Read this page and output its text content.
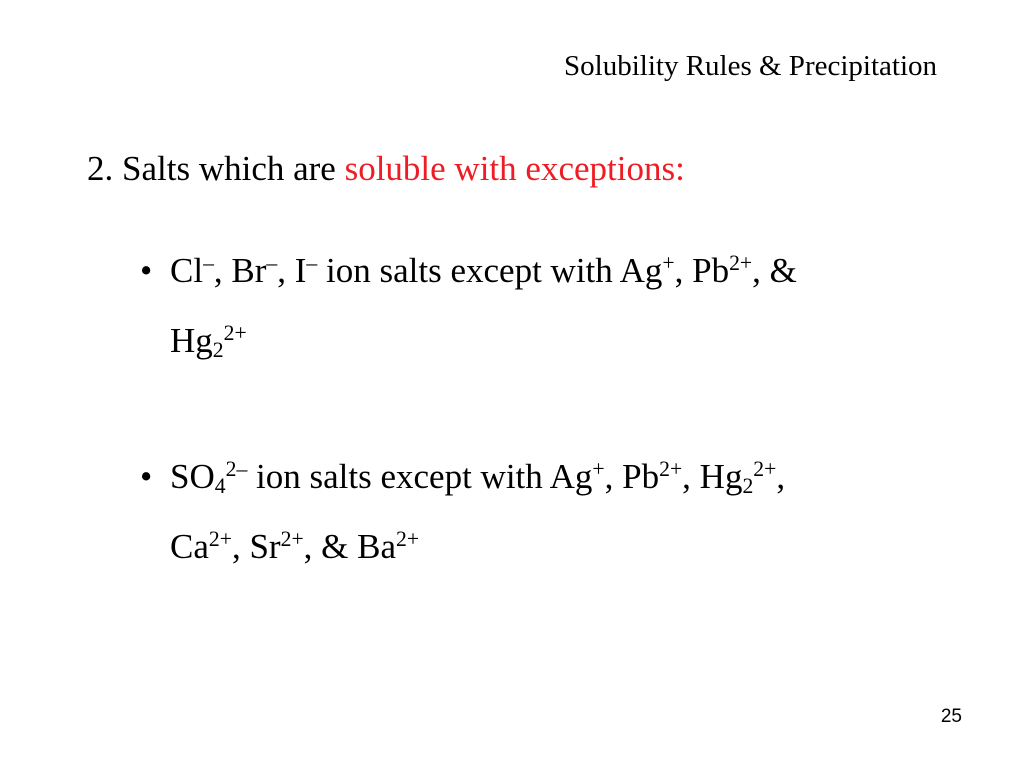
Solubility Rules & Precipitation
2. Salts which are soluble with exceptions:
• Cl–, Br–, I– ion salts except with Ag+, $Pb^{2+}$, &
$Hg_2^{2+}$
• $SO_4^{2-}$ ion salts except with Ag+, $Pb^{2+}$, $Hg_2^{2+}$,
$Ca^{2+}$, $Sr^{2+}$, & $Ba^{2+}$
25
